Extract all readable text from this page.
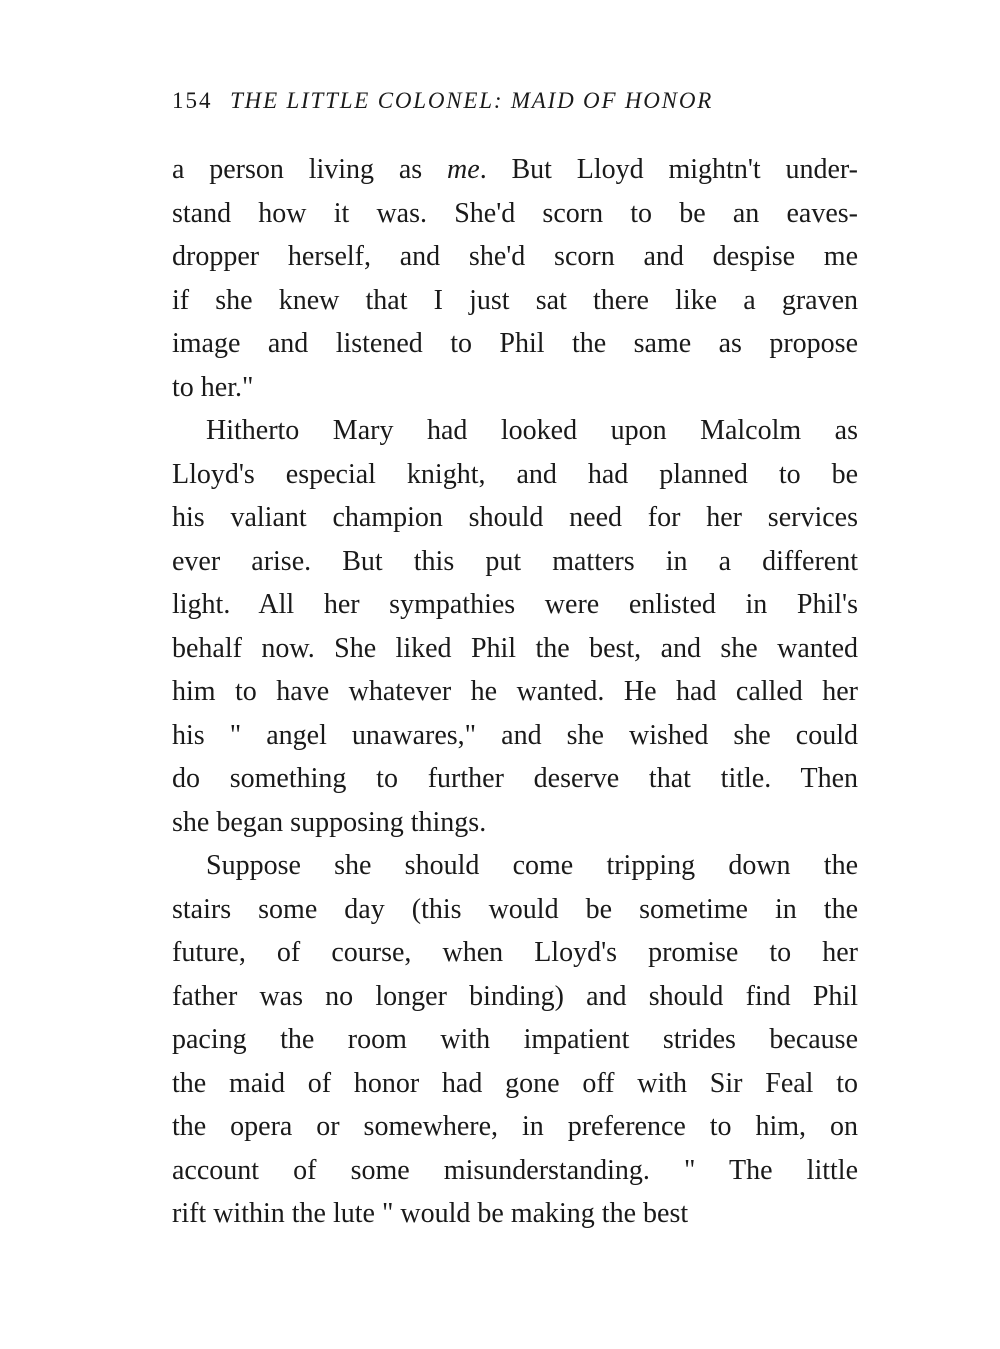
154 THE LITTLE COLONEL: MAID OF HONOR
a person living as me. But Lloyd mightn't under-
stand how it was. She'd scorn to be an eaves-
dropper herself, and she'd scorn and despise me
if she knew that I just sat there like a graven
image and listened to Phil the same as propose
to her."
Hitherto Mary had looked upon Malcolm as
Lloyd's especial knight, and had planned to be
his valiant champion should need for her services
ever arise. But this put matters in a different
light. All her sympathies were enlisted in Phil's
behalf now. She liked Phil the best, and she wanted
him to have whatever he wanted. He had called her
his " angel unawares," and she wished she could
do something to further deserve that title. Then
she began supposing things.
Suppose she should come tripping down the
stairs some day (this would be sometime in the
future, of course, when Lloyd's promise to her
father was no longer binding) and should find Phil
pacing the room with impatient strides because
the maid of honor had gone off with Sir Feal to
the opera or somewhere, in preference to him, on
account of some misunderstanding. " The little
rift within the lute " would be making the best
